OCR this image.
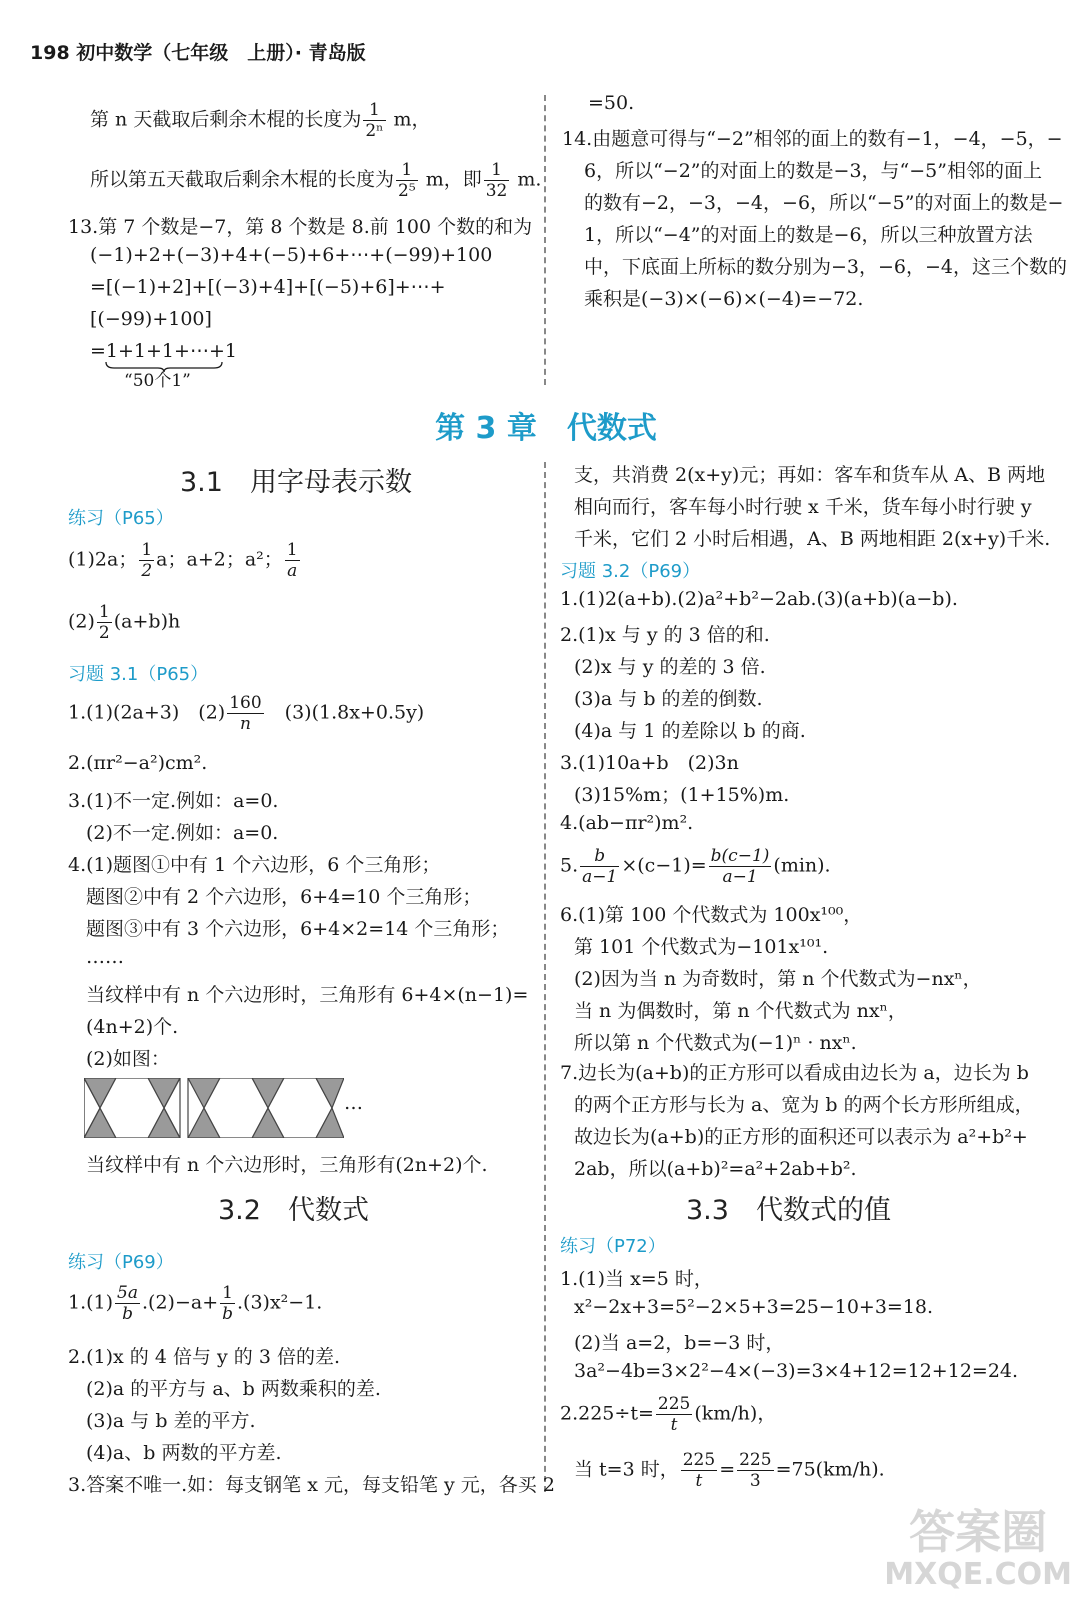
198 初中数学（七年级　上册）· 青岛版
第 n 天截取后剩余木棍的长度为 $\frac{1}{\text{2ⁿ}}$ m，
所以第五天截取后剩余木棍的长度为 $\frac{1}{\text{2⁵}}$ m，即 $\frac{1}{32} m$.
13.第 7 个数是−7，第 8 个数是 8.前 100 个数的和为
(−1)+2+(−3)+4+(−5)+6+⋯+(−99)+100
=[(−1)+2]+[(−3)+4]+[(−5)+6]+⋯+
[(−99)+100]
=1+1+1+⋯+1
“50个1”
=50.
14.由题意可得与“−2”相邻的面上的数有−1，−4，−5，−
6，所以“−2”的对面上的数是−3，与“−5”相邻的面上
的数有−2，−3，−4，−6，所以“−5”的对面上的数是−
1，所以“−4”的对面上的数是−6，所以三种放置方法
中，下底面上所标的数分别为−3，−6，−4，这三个数的
乘积是(−3)×(−6)×(−4)=−72.
第 3 章　代数式
3.1　用字母表示数
练习（P65）
(1)2a； $\frac{1}{2}$ a；a+2；a²； $\frac{1}{a}$
$(2) \frac{1}{2} (a+b)h$
习题 3.1（P65）
1.(1)(2a+3)　$(2) \frac{160}{n}$ 　(3)(1.8x+0.5y)
2.(πr²−a²)cm².
3.(1)不一定.例如：a=0.
(2)不一定.例如：a=0.
4.(1)题图①中有 1 个六边形，6 个三角形；
题图②中有 2 个六边形，6+4=10 个三角形；
题图③中有 3 个六边形，6+4×2=14 个三角形；
……
当纹样中有 n 个六边形时，三角形有 6+4×(n−1)=
(4n+2)个.
(2)如图：
…
当纹样中有 n 个六边形时，三角形有(2n+2)个.
3.2　代数式
练习（P69）
$1.(1) \frac{5a}{b} .(2)-a+ \frac{1}{b} .(3)x^2-1$.
2.(1)x 的 4 倍与 y 的 3 倍的差.
(2)a 的平方与 a、b 两数乘积的差.
(3)a 与 b 差的平方.
(4)a、b 两数的平方差.
3.答案不唯一.如：每支钢笔 x 元，每支铅笔 y 元，各买 2
支，共消费 2(x+y)元；再如：客车和货车从 A、B 两地
相向而行，客车每小时行驶 x 千米，货车每小时行驶 y
千米，它们 2 小时后相遇，A、B 两地相距 2(x+y)千米.
习题 3.2（P69）
1.(1)2(a+b).(2)a²+b²−2ab.(3)(a+b)(a−b).
2.(1)x 与 y 的 3 倍的和.
(2)x 与 y 的差的 3 倍.
(3)a 与 b 的差的倒数.
(4)a 与 1 的差除以 b 的商.
3.(1)10a+b　(2)3n
(3)15%m；(1+15%)m.
4.(ab−πr²)m².
5. $\frac{b}{a-1} \times(c-1)= \frac{b(c-1)}{a-1} (\min)$.
6.(1)第 100 个代数式为 100x¹⁰⁰，
第 101 个代数式为−101x¹⁰¹.
(2)因为当 n 为奇数时，第 n 个代数式为−nxⁿ，
当 n 为偶数时，第 n 个代数式为 nxⁿ，
所以第 n 个代数式为(−1)ⁿ · nxⁿ.
7.边长为(a+b)的正方形可以看成由边长为 a，边长为 b
的两个正方形与长为 a、宽为 b 的两个长方形所组成，
故边长为(a+b)的正方形的面积还可以表示为 a²+b²+
2ab，所以(a+b)²=a²+2ab+b².
3.3　代数式的值
练习（P72）
1.(1)当 x=5 时，
x²−2x+3=5²−2×5+3=25−10+3=18.
(2)当 a=2，b=−3 时，
3a²−4b=3×2²−4×(−3)=3×4+12=12+12=24.
$2.225\div t= \frac{225}{t} (km/h)$，
当 t=3 时， $\frac{225}{t} = \frac{225}{3} =75(km/h)$.
答案圈
MXQE.COM
